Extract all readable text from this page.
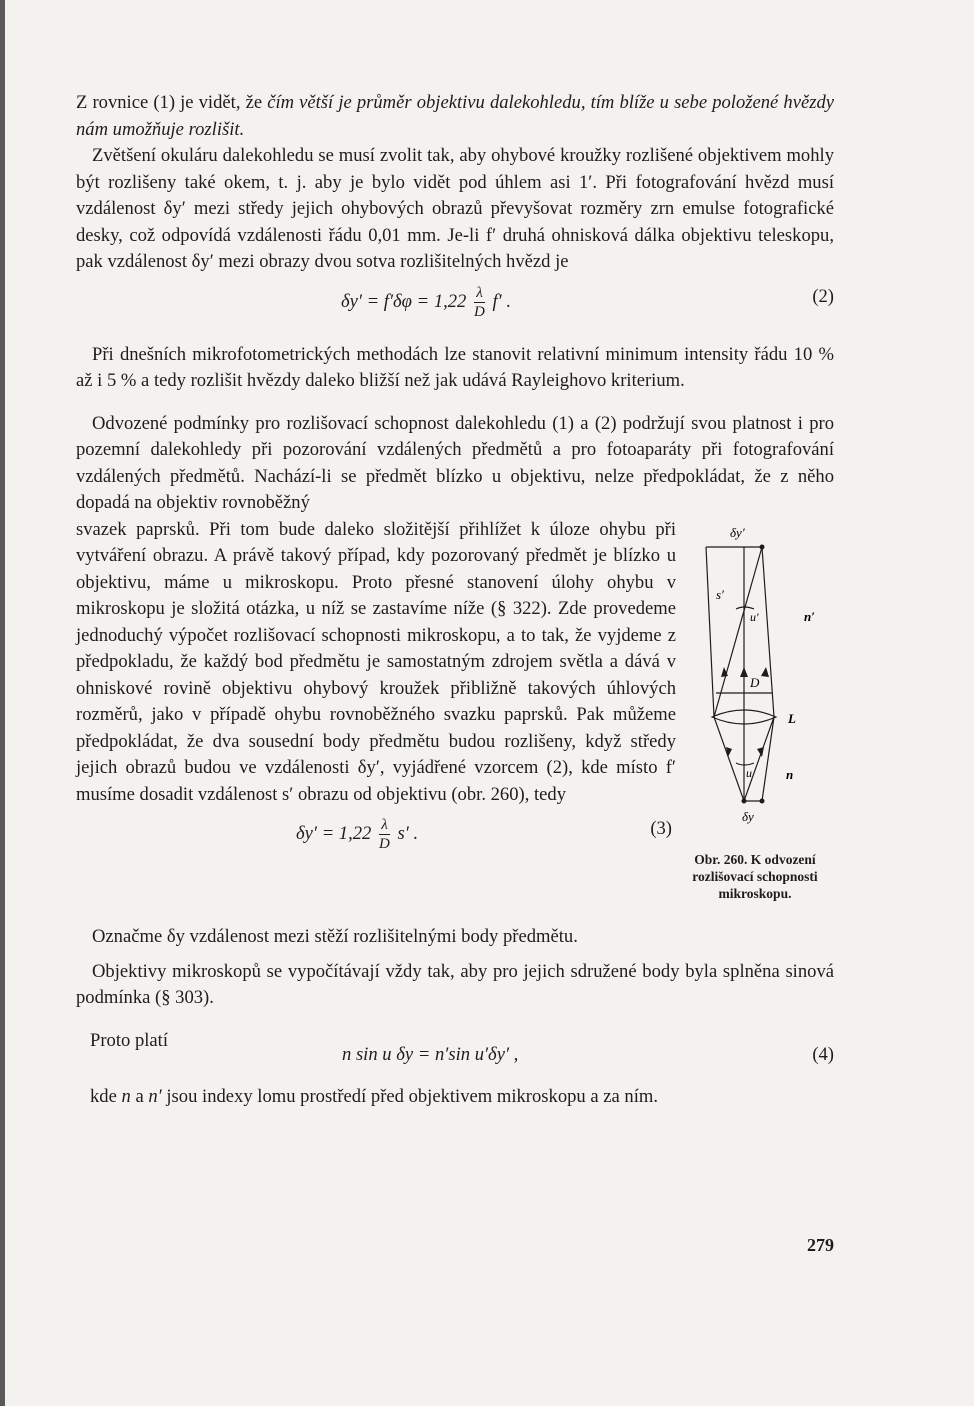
Z rovnice (1) je vidět, že čím větší je průměr objektivu dalekohledu, tím blíže u sebe položené hvězdy nám umožňuje rozlišit.

Zvětšení okuláru dalekohledu se musí zvolit tak, aby ohybové kroužky rozlišené objektivem mohly být rozlišeny také okem, t. j. aby je bylo vidět pod úhlem asi 1′. Při fotografování hvězd musí vzdálenost δy′ mezi středy jejich ohybových obrazů převyšovat rozměry zrn emulse fotografické desky, což odpovídá vzdálenosti řádu 0,01 mm. Je-li f′ druhá ohnisková dálka objektivu teleskopu, pak vzdálenost δy′ mezi obrazy dvou sotva rozlišitelných hvězd je

$\delta y' = f'\delta\varphi = 1,22 \frac{\lambda}{D} f'$ .	(2)

Při dnešních mikrofotometrických methodách lze stanovit relativní minimum intensity řádu 10 % až i 5 % a tedy rozlišit hvězdy daleko bližší než jak udává Rayleighovo kriterium.

Odvozené podmínky pro rozlišovací schopnost dalekohledu (1) a (2) podržují svou platnost i pro pozemní dalekohledy při pozorování vzdálených předmětů a pro fotoaparáty při fotografování vzdálených předmětů. Nachází-li se předmět blízko u objektivu, nelze předpokládat, že z něho dopadá na objektiv rovnoběžný

svazek paprsků. Při tom bude daleko složitější přihlížet k úloze ohybu při vytváření obrazu. A právě takový případ, kdy pozorovaný předmět je blízko u objektivu, máme u mikroskopu. Proto přesné stanovení úlohy ohybu v mikroskopu je složitá otázka, u níž se zastavíme níže (§ 322). Zde provedeme jednoduchý výpočet rozlišovací schopnosti mikroskopu, a to tak, že vyjdeme z předpokladu, že každý bod předmětu je samostatným zdrojem světla a dává v ohniskové rovině objektivu ohybový kroužek přibližně takových úhlových rozměrů, jako v případě ohybu rovnoběžného svazku paprsků. Pak můžeme předpokládat, že dva sousední body předmětu budou rozlišeny, když středy jejich obrazů budou ve vzdálenosti δy′, vyjádřené vzorcem (2), kde místo f′ musíme dosadit vzdálenost s′ obrazu od objektivu (obr. 260), tedy

$\delta y' = 1,22 \frac{\lambda}{D} s'$ .	(3)
δy′
s′
u′	n′
D
L
u	n
δy
Obr. 260. K odvození rozlišovací schopnosti mikroskopu.

Označme δy vzdálenost mezi stěží rozlišitelnými body předmětu.

Objektivy mikroskopů se vypočítávají vždy tak, aby pro jejich sdružené body byla splněna sinová podmínka (§ 303).

Proto platí

n sin u δy = n′sin u′δy′ ,	(4)

kde n a n′ jsou indexy lomu prostředí před objektivem mikroskopu a za ním.

279
